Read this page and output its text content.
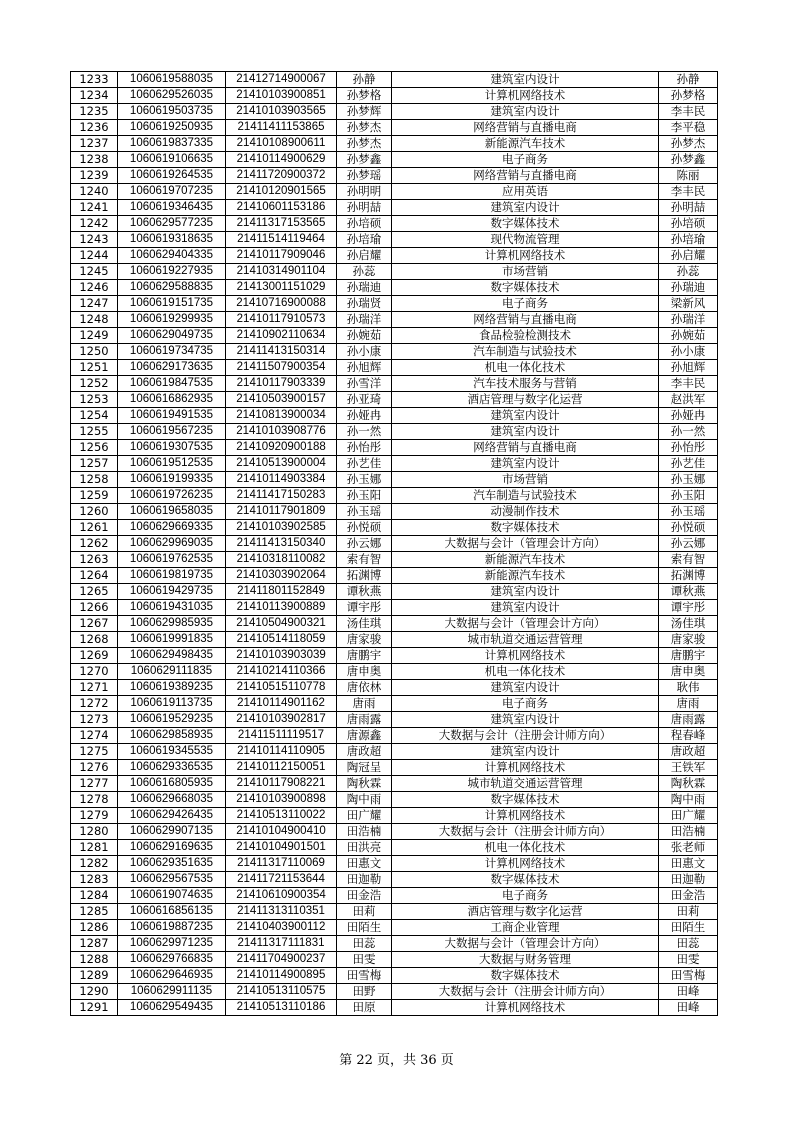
1233	1060619588035	21412714900067	孙静	建筑室内设计	孙静
1234	1060629526035	21410103900851	孙梦格	计算机网络技术	孙梦格
1235	1060619503735	21410103903565	孙梦辉	建筑室内设计	李丰民
1236	1060619250935	21411411153865	孙梦杰	网络营销与直播电商	李平稳
1237	1060619837335	21410108900611	孙梦杰	新能源汽车技术	孙梦杰
1238	1060619106635	21410114900629	孙梦鑫	电子商务	孙梦鑫
1239	1060619264535	21411720900372	孙梦瑶	网络营销与直播电商	陈丽
1240	1060619707235	21410120901565	孙明明	应用英语	李丰民
1241	1060619346435	21410601153186	孙明喆	建筑室内设计	孙明喆
1242	1060629577235	21411317153565	孙培硕	数字媒体技术	孙培硕
1243	1060619318635	21411514119464	孙培瑜	现代物流管理	孙培瑜
1244	1060629404335	21410117909046	孙启耀	计算机网络技术	孙启耀
1245	1060619227935	21410314901104	孙蕊	市场营销	孙蕊
1246	1060629588835	21413001151029	孙瑞迪	数字媒体技术	孙瑞迪
1247	1060619151735	21410716900088	孙瑞贤	电子商务	梁新风
1248	1060619299935	21410117910573	孙瑞洋	网络营销与直播电商	孙瑞洋
1249	1060629049735	21410902110634	孙婉茹	食品检验检测技术	孙婉茹
1250	1060619734735	21411413150314	孙小康	汽车制造与试验技术	孙小康
1251	1060629173635	21411507900354	孙旭辉	机电一体化技术	孙旭辉
1252	1060619847535	21410117903339	孙雪洋	汽车技术服务与营销	李丰民
1253	1060616862935	21410503900157	孙亚琦	酒店管理与数字化运营	赵洪军
1254	1060619491535	21410813900034	孙娅冉	建筑室内设计	孙娅冉
1255	1060619567235	21410103908776	孙一然	建筑室内设计	孙一然
1256	1060619307535	21410920900188	孙怡彤	网络营销与直播电商	孙怡彤
1257	1060619512535	21410513900004	孙艺佳	建筑室内设计	孙艺佳
1258	1060619199335	21410114903384	孙玉娜	市场营销	孙玉娜
1259	1060619726235	21411417150283	孙玉阳	汽车制造与试验技术	孙玉阳
1260	1060619658035	21410117901809	孙玉瑶	动漫制作技术	孙玉瑶
1261	1060629669335	21410103902585	孙悦硕	数字媒体技术	孙悦硕
1262	1060629969035	21411413150340	孙云娜	大数据与会计（管理会计方向）	孙云娜
1263	1060619762535	21410318110082	索有智	新能源汽车技术	索有智
1264	1060619819735	21410303902064	拓渊博	新能源汽车技术	拓渊博
1265	1060619429735	21411801152849	谭秋燕	建筑室内设计	谭秋燕
1266	1060619431035	21410113900889	谭宇彤	建筑室内设计	谭宇彤
1267	1060629985935	21410504900321	汤佳琪	大数据与会计（管理会计方向）	汤佳琪
1268	1060619991835	21410514118059	唐家骏	城市轨道交通运营管理	唐家骏
1269	1060629498435	21410103903039	唐鹏宇	计算机网络技术	唐鹏宇
1270	1060629111835	21410214110366	唐申奥	机电一体化技术	唐申奥
1271	1060619389235	21410515110778	唐依林	建筑室内设计	耿伟
1272	1060619113735	21410114901162	唐雨	电子商务	唐雨
1273	1060619529235	21410103902817	唐雨露	建筑室内设计	唐雨露
1274	1060629858935	21411511119517	唐源鑫	大数据与会计（注册会计师方向）	程春峰
1275	1060619345535	21410114110905	唐政超	建筑室内设计	唐政超
1276	1060629336535	21410112150051	陶冠呈	计算机网络技术	王铁军
1277	1060616805935	21410117908221	陶秋霖	城市轨道交通运营管理	陶秋霖
1278	1060629668035	21410103900898	陶中雨	数字媒体技术	陶中雨
1279	1060629426435	21410513110022	田广耀	计算机网络技术	田广耀
1280	1060629907135	21410104900410	田浩楠	大数据与会计（注册会计师方向）	田浩楠
1281	1060629169635	21410104901501	田洪亮	机电一体化技术	张老师
1282	1060629351635	21411317110069	田惠文	计算机网络技术	田惠文
1283	1060629567535	21411721153644	田迦勒	数字媒体技术	田迦勒
1284	1060619074635	21410610900354	田金浩	电子商务	田金浩
1285	1060616856135	21411313110351	田莉	酒店管理与数字化运营	田莉
1286	1060619887235	21410403900112	田陌生	工商企业管理	田陌生
1287	1060629971235	21411317111831	田蕊	大数据与会计（管理会计方向）	田蕊
1288	1060629766835	21411704900237	田雯	大数据与财务管理	田雯
1289	1060629646935	21410114900895	田雪梅	数字媒体技术	田雪梅
1290	1060629911135	21410513110575	田野	大数据与会计（注册会计师方向）	田峰
1291	1060629549435	21410513110186	田原	计算机网络技术	田峰
第 22 页，共 36 页
